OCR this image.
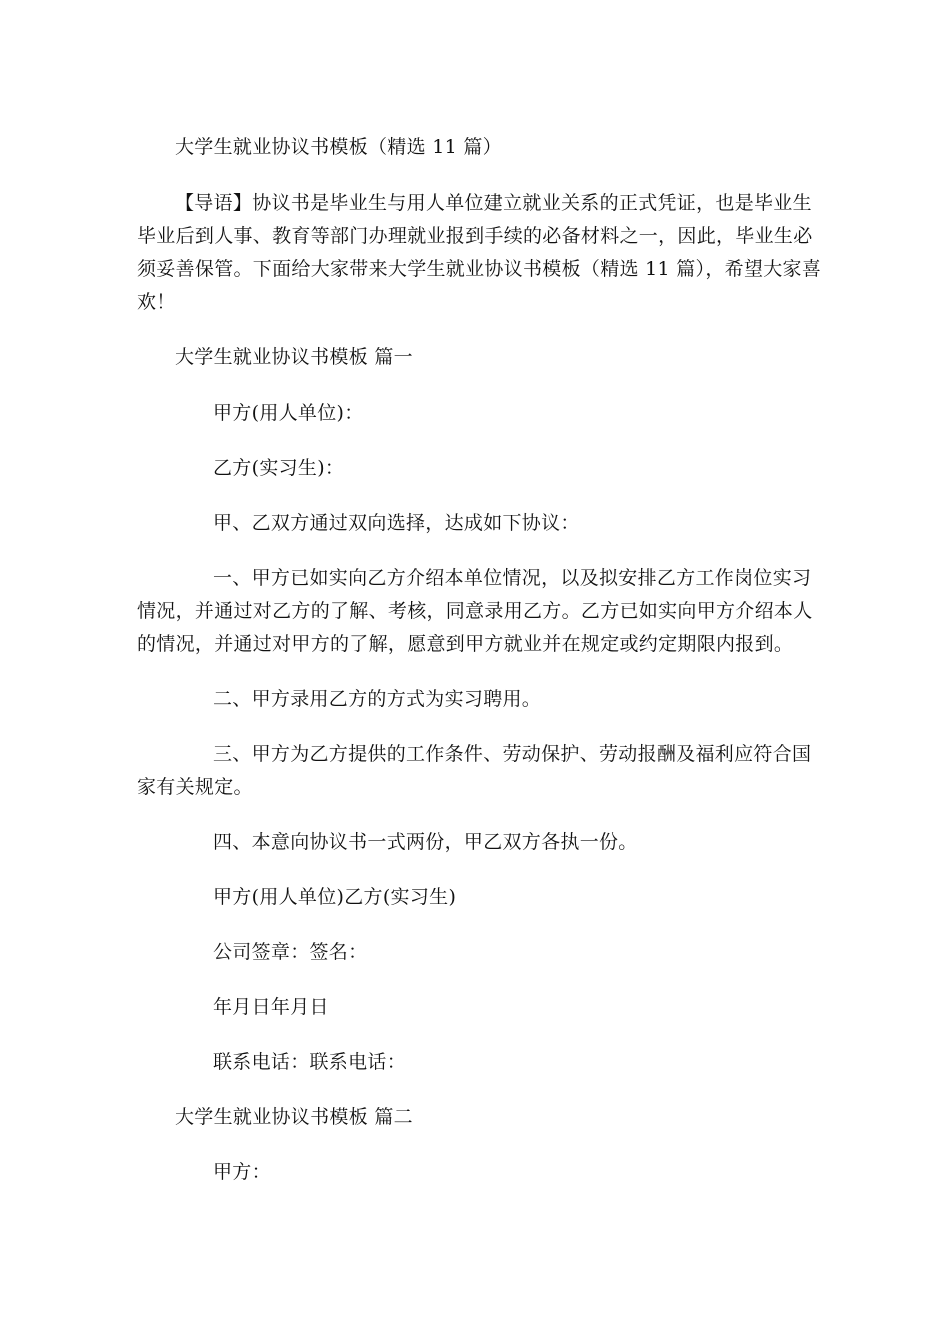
大学生就业协议书模板（精选 11 篇）
【导语】协议书是毕业生与用人单位建立就业关系的正式凭证，也是毕业生
毕业后到人事、教育等部门办理就业报到手续的必备材料之一，因此，毕业生必
须妥善保管。下面给大家带来大学生就业协议书模板（精选 11 篇），希望大家喜
欢！
大学生就业协议书模板 篇一
甲方(用人单位)：
乙方(实习生)：
甲、乙双方通过双向选择，达成如下协议：
一、甲方已如实向乙方介绍本单位情况，以及拟安排乙方工作岗位实习
情况，并通过对乙方的了解、考核，同意录用乙方。乙方已如实向甲方介绍本人
的情况，并通过对甲方的了解，愿意到甲方就业并在规定或约定期限内报到。
二、甲方录用乙方的方式为实习聘用。
三、甲方为乙方提供的工作条件、劳动保护、劳动报酬及福利应符合国
家有关规定。
四、本意向协议书一式两份，甲乙双方各执一份。
甲方(用人单位)乙方(实习生)
公司签章：签名：
年月日年月日
联系电话：联系电话：
大学生就业协议书模板 篇二
甲方：
